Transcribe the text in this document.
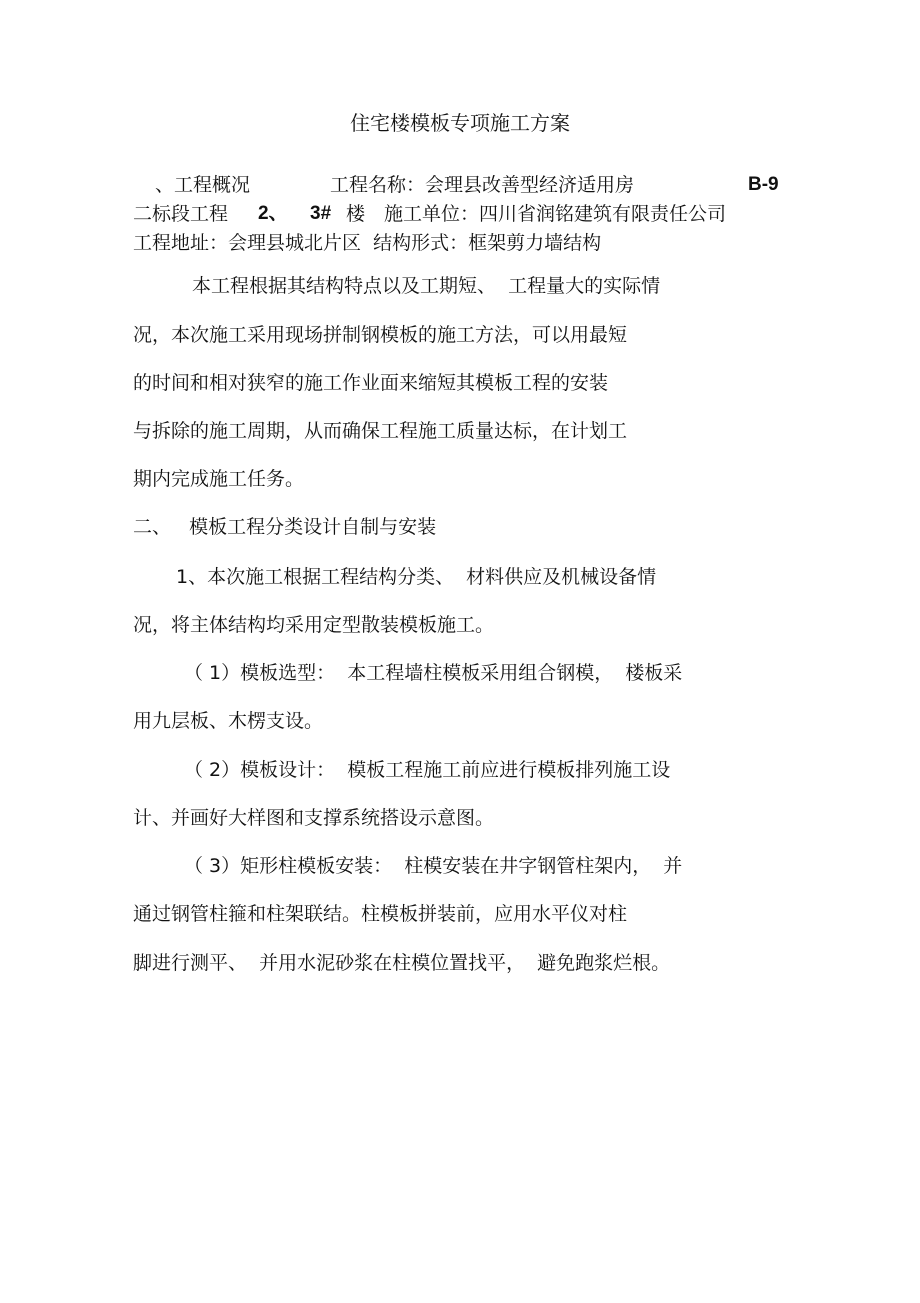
住宅楼模板专项施工方案

、工程概况	工程名称：会理县改善型经济适用房	B-9

二标段工程 2、 3# 楼 施工单位：四川省润铭建筑有限责任公司

工程地址：会理县城北片区  结构形式：框架剪力墙结构

本工程根据其结构特点以及工期短、  工程量大的实际情

况，本次施工采用现场拼制钢模板的施工方法，可以用最短

的时间和相对狭窄的施工作业面来缩短其模板工程的安装

与拆除的施工周期，从而确保工程施工质量达标，在计划工

期内完成施工任务。

二、   模板工程分类设计自制与安装

1、本次施工根据工程结构分类、  材料供应及机械设备情

况，将主体结构均采用定型散装模板施工。

（ 1）模板选型：  本工程墙柱模板采用组合钢模，  楼板采

用九层板、木楞支设。

（ 2）模板设计：  模板工程施工前应进行模板排列施工设

计、并画好大样图和支撑系统搭设示意图。

（ 3）矩形柱模板安装：  柱模安装在井字钢管柱架内，  并

通过钢管柱箍和柱架联结。柱模板拼装前，应用水平仪对柱

脚进行测平、  并用水泥砂浆在柱模位置找平，  避免跑浆烂根。
